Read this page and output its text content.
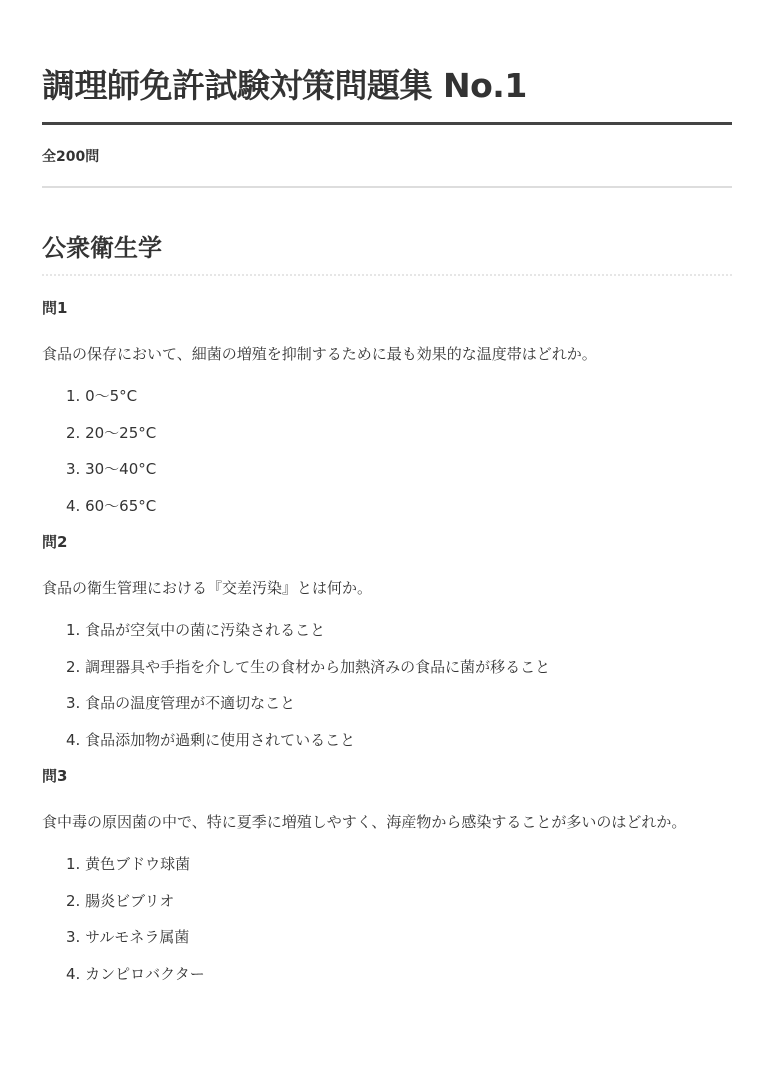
調理師免許試験対策問題集 No.1
全200問
公衆衛生学
問1
食品の保存において、細菌の増殖を抑制するために最も効果的な温度帯はどれか。
1. 0〜5°C
2. 20〜25°C
3. 30〜40°C
4. 60〜65°C
問2
食品の衛生管理における『交差汚染』とは何か。
1. 食品が空気中の菌に汚染されること
2. 調理器具や手指を介して生の食材から加熱済みの食品に菌が移ること
3. 食品の温度管理が不適切なこと
4. 食品添加物が過剰に使用されていること
問3
食中毒の原因菌の中で、特に夏季に増殖しやすく、海産物から感染することが多いのはどれか。
1. 黄色ブドウ球菌
2. 腸炎ビブリオ
3. サルモネラ属菌
4. カンピロバクター
